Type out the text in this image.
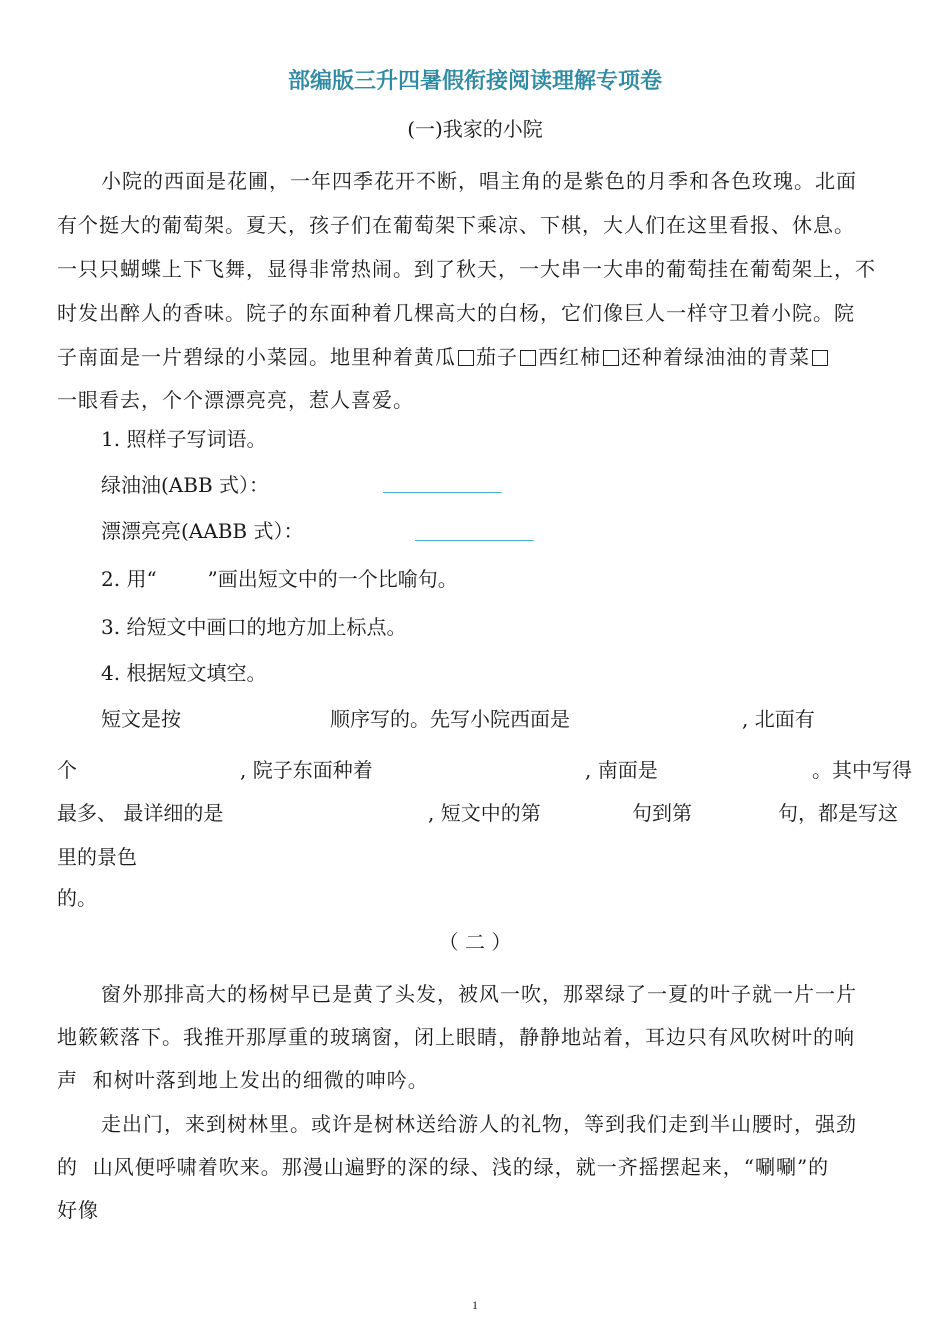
部编版三升四暑假衔接阅读理解专项卷
(一)我家的小院
小院的西面是花圃，一年四季花开不断，唱主角的是紫色的月季和各色玫瑰。北面
有个挺大的葡萄架。夏天，孩子们在葡萄架下乘凉、下棋，大人们在这里看报、休息。
一只只蝴蝶上下飞舞，显得非常热闹。到了秋天，一大串一大串的葡萄挂在葡萄架上，不
时发出醉人的香味。院子的东面种着几棵高大的白杨，它们像巨人一样守卫着小院。院
子南面是一片碧绿的小菜园。地里种着黄瓜 茄子 西红柿 还种着绿油油的青菜
一眼看去，个个漂漂亮亮，惹人喜爱。
1. 照样子写词语。
绿油油(ABB 式）：
漂漂亮亮(AABB 式）：
2. 用“        ”画出短文中的一个比喻句。
3. 给短文中画口的地方加上标点。
4. 根据短文填空。
短文是按	顺序写的。先写小院西面是	, 北面有
个	, 院子东面种着	, 南面是	。其中写得
最多、 最详细的是	, 短文中的第	句到第	句，都是写这
里的景色
的。
（ 二 ）
窗外那排高大的杨树早已是黄了头发，被风一吹，那翠绿了一夏的叶子就一片一片
地簌簌落下。我推开那厚重的玻璃窗，闭上眼睛，静静地站着，耳边只有风吹树叶的响
声  和树叶落到地上发出的细微的呻吟。
走出门，来到树林里。或许是树林送给游人的礼物，等到我们走到半山腰时，强劲
的  山风便呼啸着吹来。那漫山遍野的深的绿、浅的绿，就一齐摇摆起来，“唰唰”的
好像
1
